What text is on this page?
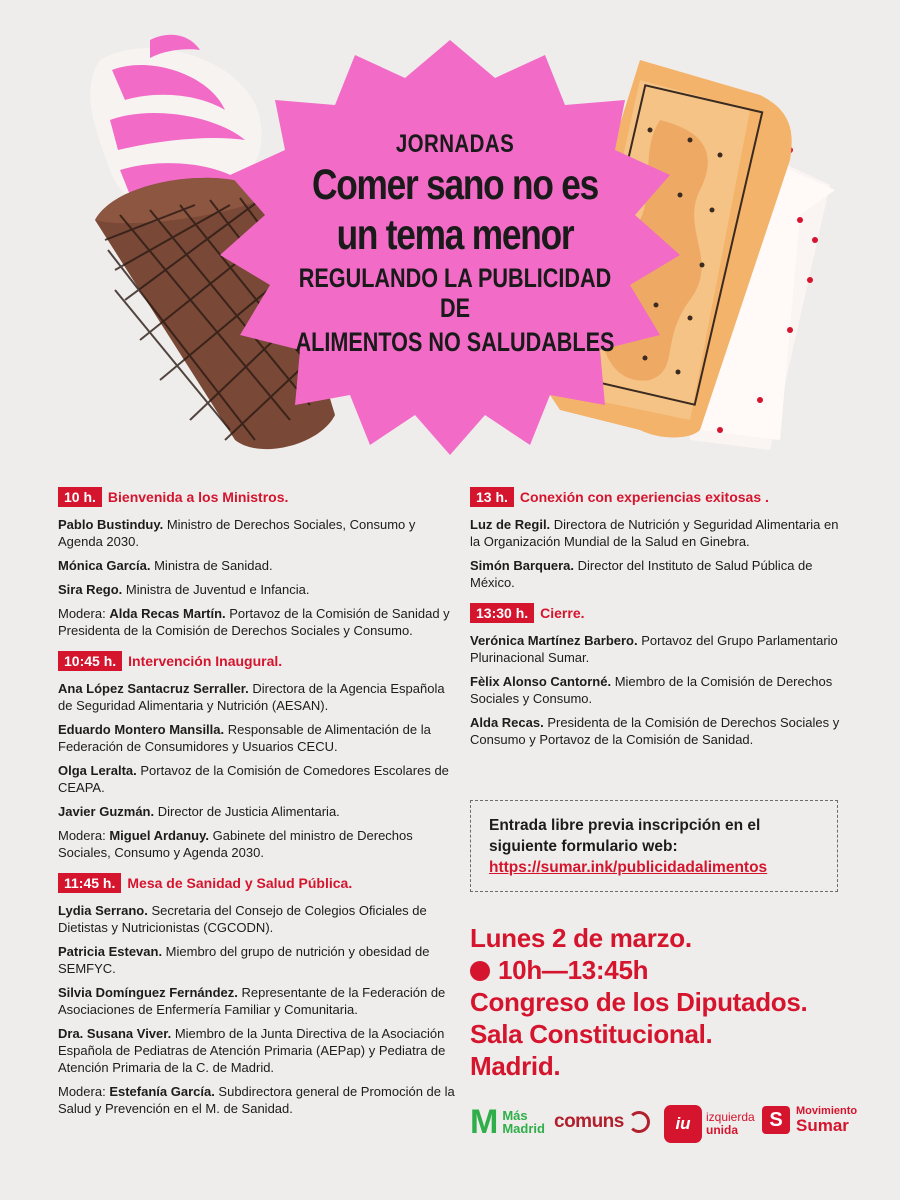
JORNADAS
Comer sano no es
un tema menor
REGULANDO LA PUBLICIDAD DE
ALIMENTOS NO SALUDABLES
10 h. Bienvenida a los Ministros.

Pablo Bustinduy. Ministro de Derechos Sociales, Consumo y Agenda 2030.

Mónica García. Ministra de Sanidad.

Sira Rego. Ministra de Juventud e Infancia.

Modera: Alda Recas Martín. Portavoz de la Comisión de Sanidad y Presidenta de la Comisión de Derechos Sociales y Consumo.

10:45 h. Intervención Inaugural.

Ana López Santacruz Serraller. Directora de la Agencia Española de Seguridad Alimentaria y Nutrición (AESAN).

Eduardo Montero Mansilla. Responsable de Alimentación de la Federación de Consumidores y Usuarios CECU.

Olga Leralta. Portavoz de la Comisión de Comedores Escolares de CEAPA.

Javier Guzmán. Director de Justicia Alimentaria.

Modera: Miguel Ardanuy. Gabinete del ministro de Derechos Sociales, Consumo y Agenda 2030.

11:45 h. Mesa de Sanidad y Salud Pública.

Lydia Serrano. Secretaria del Consejo de Colegios Oficiales de Dietistas y Nutricionistas (CGCODN).

Patricia Estevan. Miembro del grupo de nutrición y obesidad de SEMFYC.

Silvia Domínguez Fernández. Representante de la Federación de Asociaciones de Enfermería Familiar y Comunitaria.

Dra. Susana Viver. Miembro de la Junta Directiva de la Asociación Española de Pediatras de Atención Primaria (AEPap) y Pediatra de Atención Primaria de la C. de Madrid.

Modera: Estefanía García. Subdirectora general de Promoción de la Salud y Prevención en el M. de Sanidad.

13 h. Conexión con experiencias exitosas .

Luz de Regil. Directora de Nutrición y Seguridad Alimentaria en la Organización Mundial de la Salud en Ginebra.

Simón Barquera. Director del Instituto de Salud Pública de México.

13:30 h. Cierre.

Verónica Martínez Barbero. Portavoz del Grupo Parlamentario Plurinacional Sumar.

Fèlix Alonso Cantorné. Miembro de la Comisión de Derechos Sociales y Consumo.

Alda Recas. Presidenta de la Comisión de Derechos Sociales y Consumo y Portavoz de la Comisión de Sanidad.

Entrada libre previa inscripción en el siguiente formulario web:

https://sumar.ink/publicidadalimentos
Lunes 2 de marzo.
10h—13:45h
Congreso de los Diputados.
Sala Constitucional.
Madrid.
M Más
Madrid comuns	iu	izquierda
unida	S	Movimiento
Sumar
